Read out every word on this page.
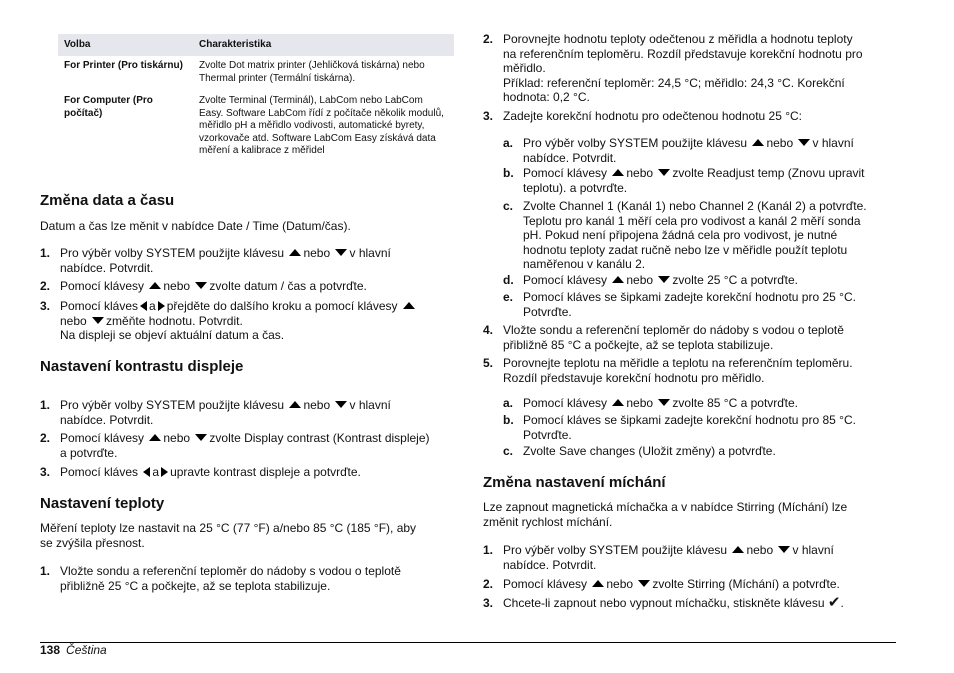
Volba	Charakteristika
For Printer (Pro tiskárnu)	Zvolte Dot matrix printer (Jehličková tiskárna) nebo Thermal printer (Termální tiskárna).
For Computer (Pro počítač)	Zvolte Terminal (Terminál), LabCom nebo LabCom Easy. Software LabCom řídí z počítače několik modulů, měřidlo pH a měřidlo vodivosti, automatické byrety, vzorkovače atd. Software LabCom Easy získává data měření a kalibrace z měřidel
Změna data a času

Datum a čas lze měnit v nabídce Date / Time (Datum/čas).

1. Pro výběr volby SYSTEM použijte klávesu nebo v hlavní
nabídce. Potvrdit.
2. Pomocí klávesy nebo zvolte datum / čas a potvrďte.
3. Pomocí kláves a přejděte do dalšího kroku a pomocí klávesy
nebo změňte hodnotu. Potvrdit.
Na displeji se objeví aktuální datum a čas.
Nastavení kontrastu displeje
1. Pro výběr volby SYSTEM použijte klávesu nebo v hlavní
nabídce. Potvrdit.
2. Pomocí klávesy nebo zvolte Display contrast (Kontrast displeje)
a potvrďte.
3. Pomocí kláves a upravte kontrast displeje a potvrďte.
Nastavení teploty

Měření teploty lze nastavit na 25 °C (77 °F) a/nebo 85 °C (185 °F), aby
se zvýšila přesnost.

1. Vložte sondu a referenční teploměr do nádoby s vodou o teplotě
přibližně 25 °C a počkejte, až se teplota stabilizuje.
2. Porovnejte hodnotu teploty odečtenou z měřidla a hodnotu teploty
na referenčním teploměru. Rozdíl představuje korekční hodnotu pro
měřidlo.
Příklad: referenční teploměr: 24,5 °C; měřidlo: 24,3 °C. Korekční
hodnota: 0,2 °C.
3. Zadejte korekční hodnotu pro odečtenou hodnotu 25 °C:
a. Pro výběr volby SYSTEM použijte klávesu nebo v hlavní
nabídce. Potvrdit.
b. Pomocí klávesy nebo zvolte Readjust temp (Znovu upravit
teplotu). a potvrďte.
c. Zvolte Channel 1 (Kanál 1) nebo Channel 2 (Kanál 2) a potvrďte.
Teplotu pro kanál 1 měří cela pro vodivost a kanál 2 měří sonda
pH. Pokud není připojena žádná cela pro vodivost, je nutné
hodnotu teploty zadat ručně nebo lze v měřidle použít teplotu
naměřenou v kanálu 2.
d. Pomocí klávesy nebo zvolte 25 °C a potvrďte.
e. Pomocí kláves se šipkami zadejte korekční hodnotu pro 25 °C.
Potvrďte.
4. Vložte sondu a referenční teploměr do nádoby s vodou o teplotě
přibližně 85 °C a počkejte, až se teplota stabilizuje.
5. Porovnejte teplotu na měřidle a teplotu na referenčním teploměru.
Rozdíl představuje korekční hodnotu pro měřidlo.
a. Pomocí klávesy nebo zvolte 85 °C a potvrďte.
b. Pomocí kláves se šipkami zadejte korekční hodnotu pro 85 °C.
Potvrďte.
c. Zvolte Save changes (Uložit změny) a potvrďte.
Změna nastavení míchání

Lze zapnout magnetická míchačka a v nabídce Stirring (Míchání) lze
změnit rychlost míchání.

1. Pro výběr volby SYSTEM použijte klávesu nebo v hlavní
nabídce. Potvrdit.
2. Pomocí klávesy nebo zvolte Stirring (Míchání) a potvrďte.
3. Chcete-li zapnout nebo vypnout míchačku, stiskněte klávesu ✔.
138 Čeština
